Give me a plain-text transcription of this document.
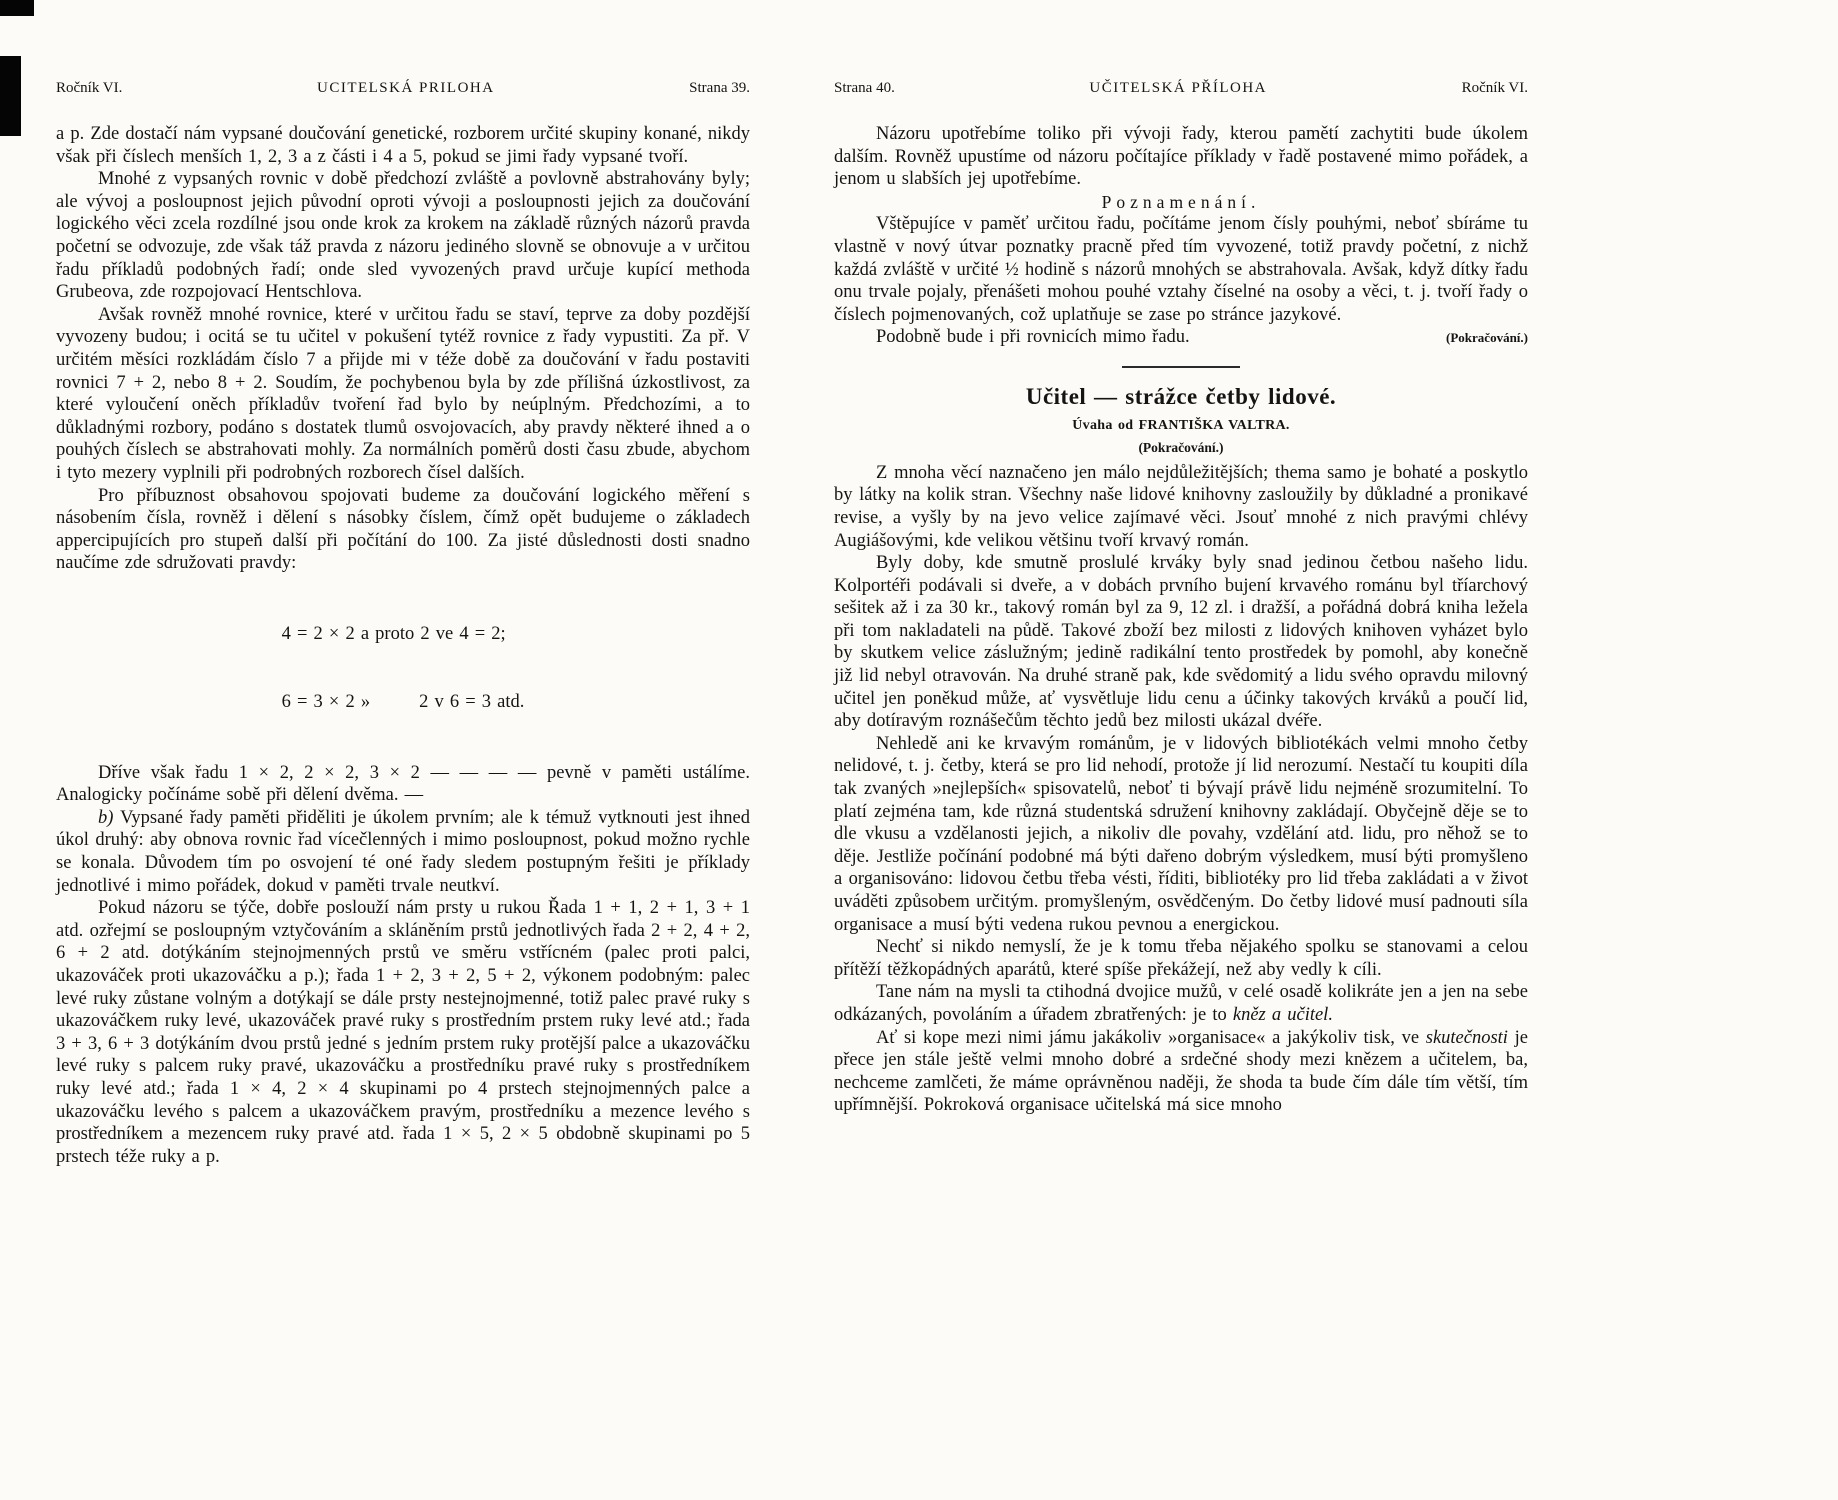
Ročník VI.	UCITELSKÁ PRILOHA	Strana 39.

a p. Zde dostačí nám vypsané doučování genetické, rozborem určité skupiny konané, nikdy však při číslech menších 1, 2, 3 a z části i 4 a 5, pokud se jimi řady vypsané tvoří.

Mnohé z vypsaných rovnic v době předchozí zvláště a povlovně abstrahovány byly; ale vývoj a posloupnost jejich původní oproti vývoji a posloupnosti jejich za doučování logického věci zcela rozdílné jsou onde krok za krokem na základě různých názorů pravda početní se odvozuje, zde však táž pravda z názoru jediného slovně se obnovuje a v určitou řadu příkladů podobných řadí; onde sled vyvozených pravd určuje kupící methoda Grubeova, zde rozpojovací Hentschlova.

Avšak rovněž mnohé rovnice, které v určitou řadu se staví, teprve za doby pozdější vyvozeny budou; i ocitá se tu učitel v pokušení tytéž rovnice z řady vypustiti. Za př. V určitém měsíci rozkládám číslo 7 a přijde mi v téže době za doučování v řadu postaviti rovnici 7 + 2, nebo 8 + 2. Soudím, že pochybenou byla by zde přílišná úzkostlivost, za které vyloučení oněch příkladův tvoření řad bylo by neúplným. Předchozími, a to důkladnými rozbory, podáno s dostatek tlumů osvojovacích, aby pravdy některé ihned a o pouhých číslech se abstrahovati mohly. Za normálních poměrů dosti času zbude, abychom i tyto mezery vyplnili při podrobných rozborech čísel dalších.

Pro příbuznost obsahovou spojovati budeme za doučování logického měření s násobením čísla, rovněž i dělení s násobky číslem, čímž opět budujeme o základech appercipujících pro stupeň další při počítání do 100. Za jisté důslednosti dosti snadno naučíme zde sdružovati pravdy:

4 = 2 × 2 a proto 2 ve 4 = 2;

6 = 3 × 2 »        2 v 6 = 3 atd.

Dříve však řadu 1 × 2, 2 × 2, 3 × 2 — — — — pevně v paměti ustálíme. Analogicky počínáme sobě při dělení dvěma. —

b) Vypsané řady paměti přiděliti je úkolem prvním; ale k témuž vytknouti jest ihned úkol druhý: aby obnova rovnic řad vícečlenných i mimo posloupnost, pokud možno rychle se konala. Důvodem tím po osvojení té oné řady sledem postupným řešiti je příklady jednotlivé i mimo pořádek, dokud v paměti trvale neutkví.

Pokud názoru se týče, dobře poslouží nám prsty u rukou Řada 1 + 1, 2 + 1, 3 + 1 atd. ozřejmí se posloupným vztyčováním a skláněním prstů jednotlivých řada 2 + 2, 4 + 2, 6 + 2 atd. dotýkáním stejnojmenných prstů ve směru vstřícném (palec proti palci, ukazováček proti ukazováčku a p.); řada 1 + 2, 3 + 2, 5 + 2, výkonem podobným: palec levé ruky zůstane volným a dotýkají se dále prsty nestejnojmenné, totiž palec pravé ruky s ukazováčkem ruky levé, ukazováček pravé ruky s prostředním prstem ruky levé atd.; řada 3 + 3, 6 + 3 dotýkáním dvou prstů jedné s jedním prstem ruky protější palce a ukazováčku levé ruky s palcem ruky pravé, ukazováčku a prostředníku pravé ruky s prostředníkem ruky levé atd.; řada 1 × 4, 2 × 4 skupinami po 4 prstech stejnojmenných palce a ukazováčku levého s palcem a ukazováčkem pravým, prostředníku a mezence levého s prostředníkem a mezencem ruky pravé atd. řada 1 × 5, 2 × 5 obdobně skupinami po 5 prstech téže ruky a p.

Strana 40.	UČITELSKÁ PŘÍLOHA	Ročník VI.

Názoru upotřebíme toliko při vývoji řady, kterou pamětí zachytiti bude úkolem dalším. Rovněž upustíme od názoru počítajíce příklady v řadě postavené mimo pořádek, a jenom u slabších jej upotřebíme.

Poznamenání.

Vštěpujíce v paměť určitou řadu, počítáme jenom čísly pouhými, neboť sbíráme tu vlastně v nový útvar poznatky pracně před tím vyvozené, totiž pravdy početní, z nichž každá zvláště v určité ½ hodině s názorů mnohých se abstrahovala. Avšak, když dítky řadu onu trvale pojaly, přenášeti mohou pouhé vztahy číselné na osoby a věci, t. j. tvoří řady o číslech pojmenovaných, což uplatňuje se zase po stránce jazykové.

Podobně bude i při rovnicích mimo řadu.	(Pokračování.)

Učitel — strážce četby lidové.
Úvaha od FRANTIŠKA VALTRA.
(Pokračování.)

Z mnoha věcí naznačeno jen málo nejdůležitějších; thema samo je bohaté a poskytlo by látky na kolik stran. Všechny naše lidové knihovny zasloužily by důkladné a pronikavé revise, a vyšly by na jevo velice zajímavé věci. Jsouť mnohé z nich pravými chlévy Augiášovými, kde velikou většinu tvoří krvavý román.

Byly doby, kde smutně proslulé krváky byly snad jedinou četbou našeho lidu. Kolportéři podávali si dveře, a v dobách prvního bujení krvavého románu byl tříarchový sešitek až i za 30 kr., takový román byl za 9, 12 zl. i dražší, a pořádná dobrá kniha ležela při tom nakladateli na půdě. Takové zboží bez milosti z lidových knihoven vyházet bylo by skutkem velice záslužným; jedině radikální tento prostředek by pomohl, aby konečně již lid nebyl otravován. Na druhé straně pak, kde svědomitý a lidu svého opravdu milovný učitel jen poněkud může, ať vysvětluje lidu cenu a účinky takových krváků a poučí lid, aby dotíravým roznášečům těchto jedů bez milosti ukázal dvéře.

Nehledě ani ke krvavým románům, je v lidových bibliotékách velmi mnoho četby nelidové, t. j. četby, která se pro lid nehodí, protože jí lid nerozumí. Nestačí tu koupiti díla tak zvaných »nejlepších« spisovatelů, neboť ti bývají právě lidu nejméně srozumitelní. To platí zejména tam, kde různá studentská sdružení knihovny zakládají. Obyčejně děje se to dle vkusu a vzdělanosti jejich, a nikoliv dle povahy, vzdělání atd. lidu, pro něhož se to děje. Jestliže počínání podobné má býti dařeno dobrým výsledkem, musí býti promyšleno a organisováno: lidovou četbu třeba vésti, říditi, bibliotéky pro lid třeba zakládati a v život uváděti způsobem určitým. promyšleným, osvědčeným. Do četby lidové musí padnouti síla organisace a musí býti vedena rukou pevnou a energickou.

Nechť si nikdo nemyslí, že je k tomu třeba nějakého spolku se stanovami a celou přítěží těžkopádných aparátů, které spíše překážejí, než aby vedly k cíli.

Tane nám na mysli ta ctihodná dvojice mužů, v celé osadě kolikráte jen a jen na sebe odkázaných, povoláním a úřadem zbratřených: je to kněz a učitel.

Ať si kope mezi nimi jámu jakákoliv »organisace« a jakýkoliv tisk, ve skutečnosti je přece jen stále ještě velmi mnoho dobré a srdečné shody mezi knězem a učitelem, ba, nechceme zamlčeti, že máme oprávněnou naději, že shoda ta bude čím dále tím větší, tím upřímnější. Pokroková organisace učitelská má sice mnoho
